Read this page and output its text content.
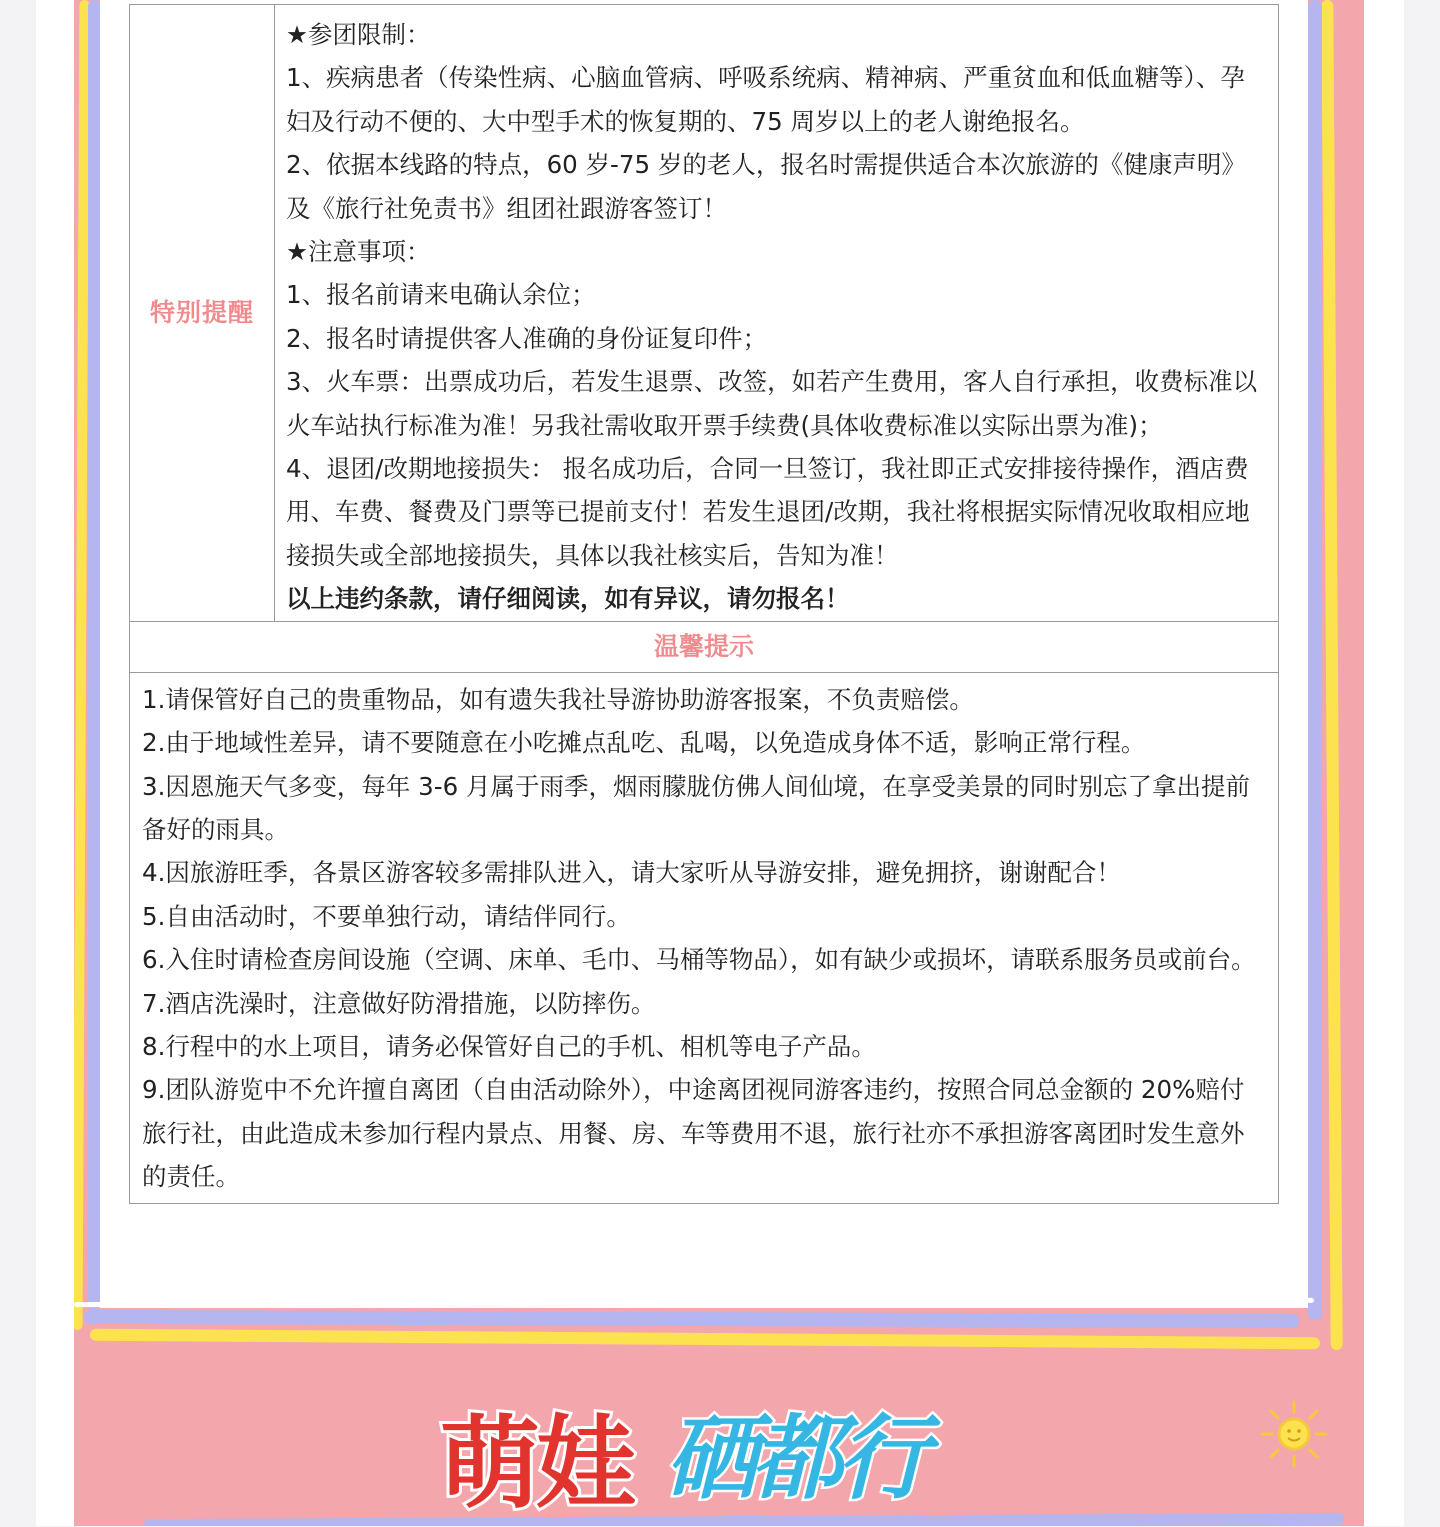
特别提醒	

★参团限制：

1、疾病患者（传染性病、心脑血管病、呼吸系统病、精神病、严重贫血和低血糖等）、孕妇及行动不便的、大中型手术的恢复期的、75 周岁以上的老人谢绝报名。

2、依据本线路的特点，60 岁-75 岁的老人，报名时需提供适合本次旅游的《健康声明》及《旅行社免责书》组团社跟游客签订！

★注意事项：

1、报名前请来电确认余位；

2、报名时请提供客人准确的身份证复印件；

3、火车票：出票成功后，若发生退票、改签，如若产生费用，客人自行承担，收费标准以火车站执行标准为准！另我社需收取开票手续费(具体收费标准以实际出票为准)；

4、退团/改期地接损失： 报名成功后，合同一旦签订，我社即正式安排接待操作，酒店费用、车费、餐费及门票等已提前支付！若发生退团/改期，我社将根据实际情况收取相应地接损失或全部地接损失，具体以我社核实后，告知为准！

以上违约条款，请仔细阅读，如有异议，请勿报名！

温馨提示

1.请保管好自己的贵重物品，如有遗失我社导游协助游客报案，不负责赔偿。

2.由于地域性差异，请不要随意在小吃摊点乱吃、乱喝，以免造成身体不适，影响正常行程。

3.因恩施天气多变，每年 3-6 月属于雨季，烟雨朦胧仿佛人间仙境，在享受美景的同时别忘了拿出提前备好的雨具。

4.因旅游旺季，各景区游客较多需排队进入，请大家听从导游安排，避免拥挤，谢谢配合！

5.自由活动时，不要单独行动，请结伴同行。

6.入住时请检查房间设施（空调、床单、毛巾、马桶等物品），如有缺少或损坏，请联系服务员或前台。

7.酒店洗澡时，注意做好防滑措施，以防摔伤。

8.行程中的水上项目，请务必保管好自己的手机、相机等电子产品。

9.团队游览中不允许擅自离团（自由活动除外），中途离团视同游客违约，按照合同总金额的 20%赔付旅行社，由此造成未参加行程内景点、用餐、房、车等费用不退，旅行社亦不承担游客离团时发生意外的责任。

萌娃 硒都行
